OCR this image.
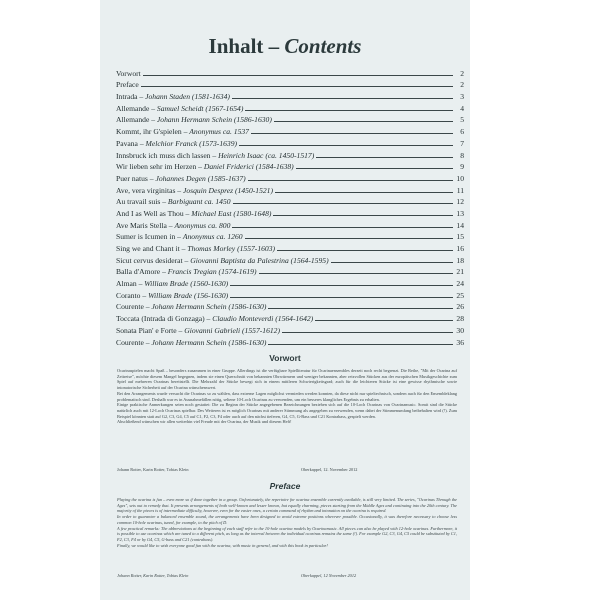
Inhalt – Contents
Vorwort	2
Preface	2
Intrada – Johann Staden (1581-1634)	3
Allemande – Samuel Scheidt (1567-1654)	4
Allemande – Johann Hermann Schein (1586-1630)	5
Kommt, ihr G'spielen – Anonymus ca. 1537	6
Pavana – Melchior Franck (1573-1639)	7
Innsbruck ich muss dich lassen – Heinrich Isaac (ca. 1450-1517)	8
Wir lieben sehr im Herzen – Daniel Friderici (1584-1638)	9
Puer natus – Johannes Degen (1585-1637)	10
Ave, vera virginitas – Josquin Desprez (1450-1521)	11
Au travail suis – Barbiguant ca. 1450	12
And I as Well as Thou – Michael East (1580-1648)	13
Ave Maris Stella – Anonymus ca. 800	14
Sumer is Icumen in – Anonymus ca. 1260	15
Sing we and Chant it – Thomas Morley (1557-1603)	16
Sicut cervus desiderat – Giovanni Baptista da Palestrina (1564-1595)	18
Balla d'Amore – Francis Tregian (1574-1619)	21
Alman – William Brade (1560-1630)	24
Coranto – William Brade (156-1630)	25
Courente – Johann Hermann Schein (1586-1630)	26
Toccata (Intrada di Gonzaga) – Claudio Monteverdi (1564-1642)	28
Sonata Pian' e Forte – Giovanni Gabrieli (1557-1612)	30
Courente – Johann Hermann Schein (1586-1630)	36
Vorwort

Ocarinaspielen macht Spaß – besonders zusammen in einer Gruppe. Allerdings ist die verfügbare Spielliteratur für Ocarinaensembles derzeit noch recht begrenzt. Die Reihe, "Mit der Ocarina auf Zeitreise", möchte diesem Mangel begegnen, indem sie einen Querschnitt von bekannten Ohrwürmern und weniger bekannten, aber reizvollen Stücken aus der europäischen Musikgeschichte zum Spiel auf mehreren Ocarinas bereitstellt. Die Mehrzahl der Stücke bewegt sich in einem mittleren Schwierigkeitsgrad; auch für die leichteren Stücke ist eine gewisse rhythmische sowie intonatorische Sicherheit auf der Ocarina wünschenswert.

Bei den Arrangements wurde versucht die Ocarinas so zu wählen, dass extreme Lagen möglichst vermieden werden konnten, da diese nicht nur spieltechnisch, sondern auch für den Ensembleklang problematisch sind. Deshalb war es in Ausnahmefällen nötig, seltene 10-Loch Ocarinas zu verwenden, um ein besseres klangliches Ergebnis zu erhalten.

Einige praktische Anmerkungen seien noch gestattet: Die zu Beginn der Stücke angegebenen Bezeichnungen beziehen sich auf die 10-Loch Ocarinas von Ocarinamusic. Somit sind die Stücke natürlich auch mit 12-Loch Ocarinas spielbar. Des Weiteren ist es möglich Ocarinas mit anderer Stimmung als angegeben zu verwenden, wenn dabei der Stimmenumfang beibehalten wird (!). Zum Beispiel könnten statt auf G2, C3, G4, C5 auf C1, F2, C3, F4 oder auch auf den nächst tieferen, G4, C5, G-Bass und C21 Kontrabass, gespielt werden.

Abschließend wünschen wir allen weiterhin viel Freude mit der Ocarina, der Musik und diesem Heft!

Johann Rotter, Karin Rotter, Tobias Klein	Oberkappel, 12. November 2012
Preface

Playing the ocarina is fun – even more so if done together in a group. Unfortunately, the repertoire for ocarina ensemble currently available, is still very limited. The series, "Ocarinas Through the Ages", sets out to remedy that. It presents arrangements of both well-known and lesser known, but equally charming, pieces starting from the Middle Ages and continuing into the 20th century. The majority of the pieces is of intermediate difficulty, however, even for the easier ones, a certain command of rhythm and intonation on the ocarina is required.

In order to guarantee a balanced ensemble sound, the arrangements have been designed to avoid extreme positions wherever possible. Occasionally, it was therefore necessary to choose less common 10-hole ocarinas, tuned, for example, to the pitch of D.

A few practical remarks: The abbreviations at the beginning of each staff refer to the 10-hole ocarina models by Ocarinamusic. All pieces can also be played with 12-hole ocarinas. Furthermore, it is possible to use ocarinas which are tuned to a different pitch, as long as the interval between the individual ocarinas remains the same (!). For example G2, C3, G4, C5 could be substituted by C1, F2, C3, F4 or by G4, C5, G-bass and C21 (contrabass).

Finally, we would like to wish everyone good fun with the ocarina, with music in general, and with this book in particular!

Johann Rotter, Karin Rotter, Tobias Klein	Oberkappel, 12 November 2012
